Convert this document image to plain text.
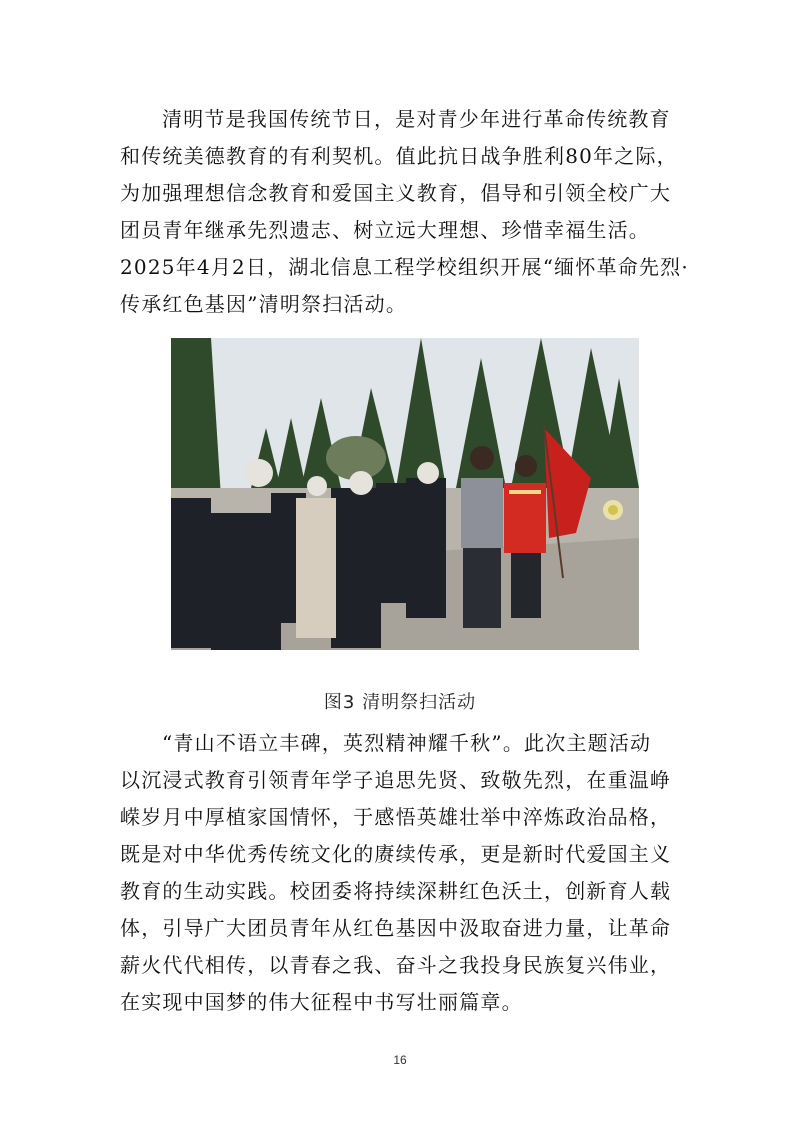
清明节是我国传统节日，是对青少年进行革命传统教育
和传统美德教育的有利契机。值此抗日战争胜利80年之际，
为加强理想信念教育和爱国主义教育，倡导和引领全校广大
团员青年继承先烈遗志、树立远大理想、珍惜幸福生活。
2025年4月2日，湖北信息工程学校组织开展“缅怀革命先烈·
传承红色基因”清明祭扫活动。

图3 清明祭扫活动

“青山不语立丰碑，英烈精神耀千秋”。此次主题活动
以沉浸式教育引领青年学子追思先贤、致敬先烈，在重温峥
嵘岁月中厚植家国情怀，于感悟英雄壮举中淬炼政治品格，
既是对中华优秀传统文化的赓续传承，更是新时代爱国主义
教育的生动实践。校团委将持续深耕红色沃土，创新育人载
体，引导广大团员青年从红色基因中汲取奋进力量，让革命
薪火代代相传，以青春之我、奋斗之我投身民族复兴伟业，
在实现中国梦的伟大征程中书写壮丽篇章。

16
